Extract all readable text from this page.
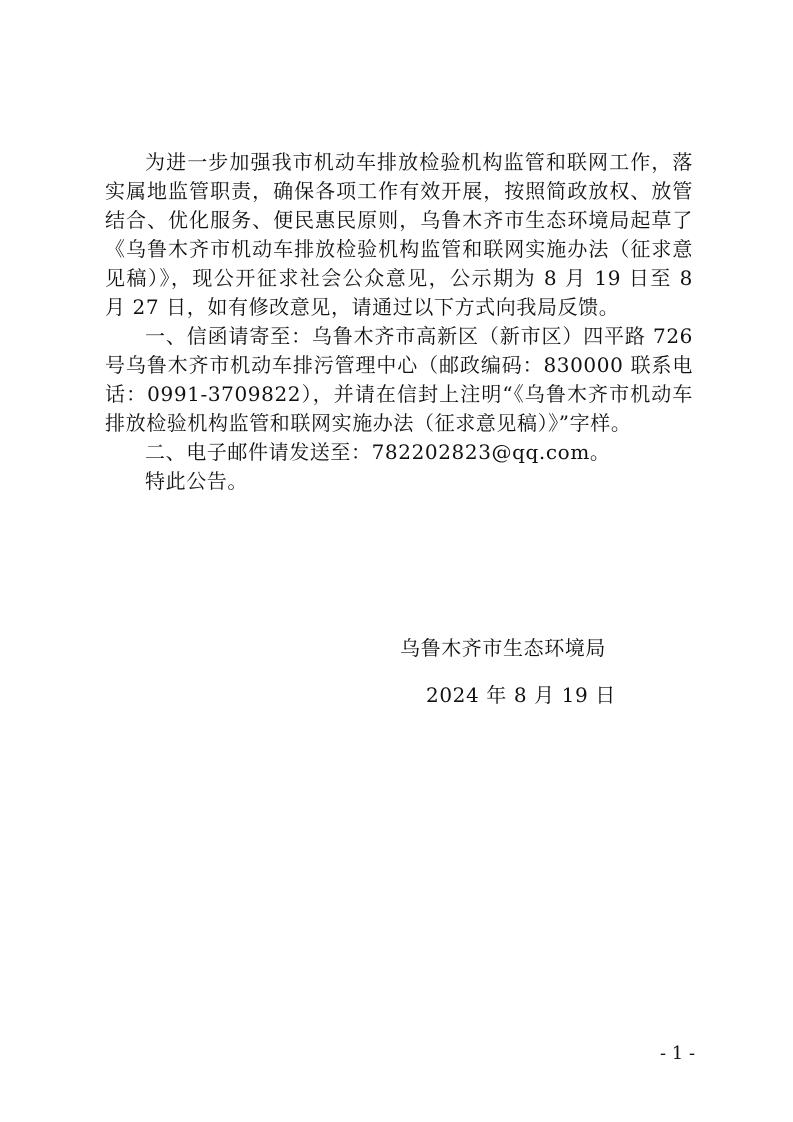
为进一步加强我市机动车排放检验机构监管和联网工作，落实属地监管职责，确保各项工作有效开展，按照简政放权、放管结合、优化服务、便民惠民原则，乌鲁木齐市生态环境局起草了《乌鲁木齐市机动车排放检验机构监管和联网实施办法（征求意见稿）》，现公开征求社会公众意见，公示期为 8 月 19 日至 8 月 27 日，如有修改意见，请通过以下方式向我局反馈。

一、信函请寄至：乌鲁木齐市高新区（新市区）四平路 726 号乌鲁木齐市机动车排污管理中心（邮政编码：830000 联系电话：0991-3709822），并请在信封上注明“《乌鲁木齐市机动车排放检验机构监管和联网实施办法（征求意见稿）》”字样。

二、电子邮件请发送至：782202823@qq.com。

特此公告。

乌鲁木齐市生态环境局

2024 年 8 月 19 日

- 1 -
